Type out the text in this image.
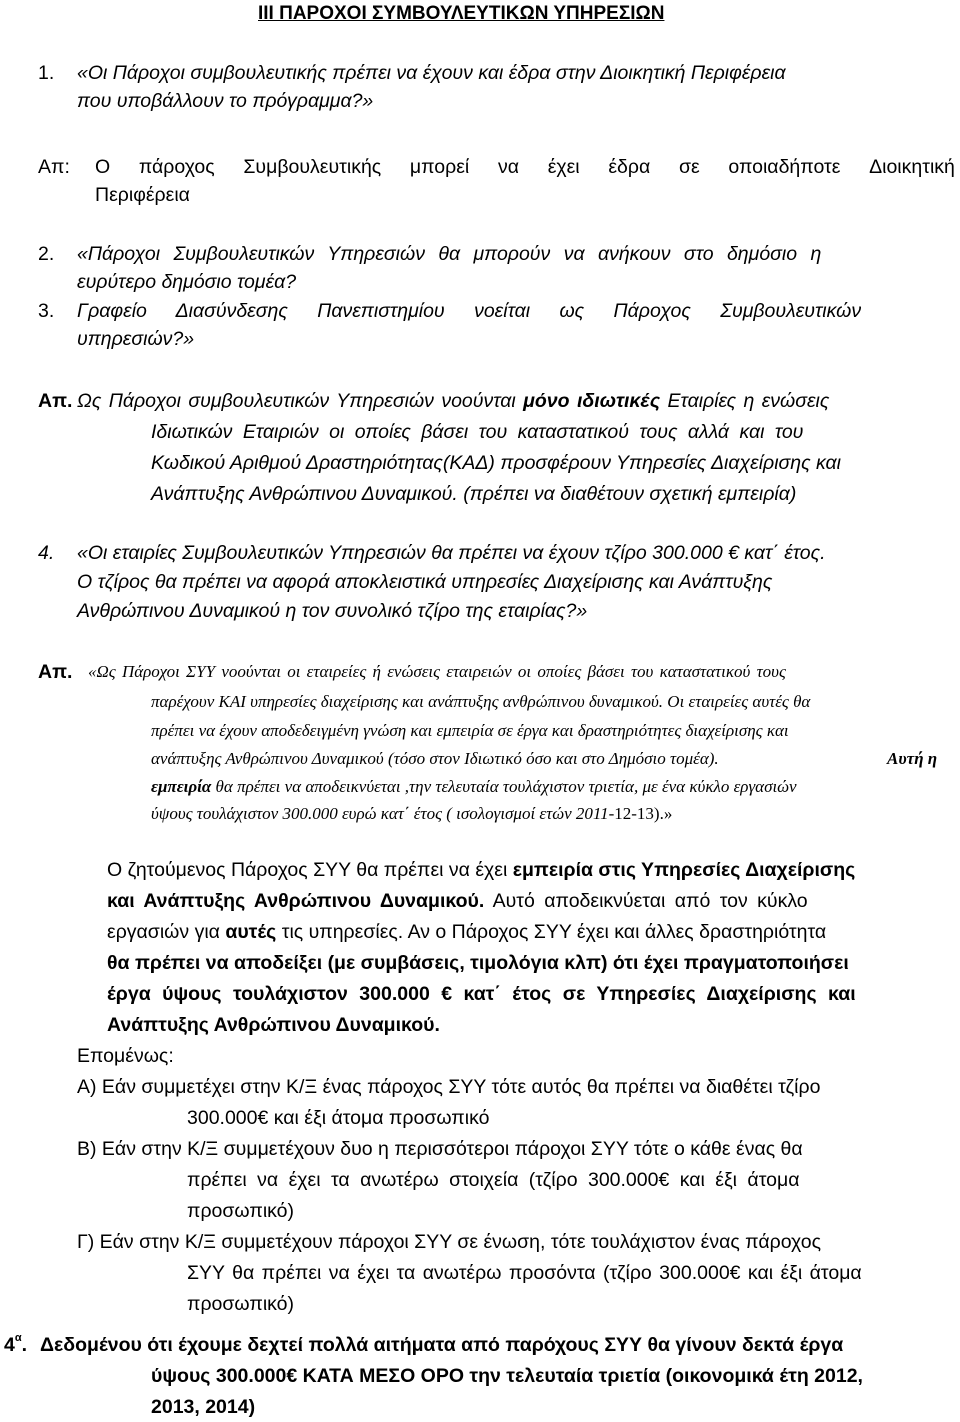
III ΠΑΡΟΧΟΙ ΣΥΜΒΟΥΛΕΥΤΙΚΩΝ ΥΠΗΡΕΣΙΩΝ
1. «Οι Πάροχοι συμβουλευτικής πρέπει να έχουν και έδρα στην Διοικητική Περιφέρεια
που υποβάλλουν το πρόγραμμα?»
Απ: Ο πάροχος Συμβουλευτικής μπορεί να έχει έδρα σε οποιαδήποτε Διοικητική
Περιφέρεια
2. «Πάροχοι Συμβουλευτικών Υπηρεσιών θα μπορούν να ανήκουν στο δημόσιο η
ευρύτερο δημόσιο τομέα?
3. Γραφείο Διασύνδεσης Πανεπιστημίου νοείται ως Πάροχος Συμβουλευτικών
υπηρεσιών?»
Απ. Ως Πάροχοι συμβουλευτικών Υπηρεσιών νοούνται μόνο ιδιωτικές Εταιρίες η ενώσεις
Ιδιωτικών Εταιριών οι οποίες βάσει του καταστατικού τους αλλά και του
Κωδικού Αριθμού Δραστηριότητας(ΚΑΔ) προσφέρουν Υπηρεσίες Διαχείρισης και
Ανάπτυξης Ανθρώπινου Δυναμικού. (πρέπει να διαθέτουν σχετική εμπειρία)
4. «Οι εταιρίες Συμβουλευτικών Υπηρεσιών θα πρέπει να έχουν τζίρο 300.000 € κατ΄ έτος.
Ο τζίρος θα πρέπει να αφορά αποκλειστικά υπηρεσίες Διαχείρισης και Ανάπτυξης
Ανθρώπινου Δυναμικού η τον συνολικό τζίρο της εταιρίας?»
Απ. «Ως Πάροχοι ΣΥΥ νοούνται οι εταιρείες ή ενώσεις εταιρειών οι οποίες βάσει του καταστατικού τους
παρέχουν ΚΑΙ υπηρεσίες διαχείρισης και ανάπτυξης ανθρώπινου δυναμικού. Οι εταιρείες αυτές θα
πρέπει να έχουν αποδεδειγμένη γνώση και εμπειρία σε έργα και δραστηριότητες διαχείρισης και
ανάπτυξης Ανθρώπινου Δυναμικού (τόσο στον Ιδιωτικό όσο και στο Δημόσιο τομέα).	Αυτή η
εμπειρία θα πρέπει να αποδεικνύεται ,την τελευταία τουλάχιστον τριετία, με ένα κύκλο εργασιών
ύψους τουλάχιστον 300.000 ευρώ κατ΄ έτος ( ισολογισμοί ετών 2011-12-13).»
Ο ζητούμενος Πάροχος ΣΥΥ θα πρέπει να έχει εμπειρία στις Υπηρεσίες Διαχείρισης
και Ανάπτυξης Ανθρώπινου Δυναμικού. Αυτό αποδεικνύεται από τον κύκλο
εργασιών για αυτές τις υπηρεσίες. Αν ο Πάροχος ΣΥΥ έχει και άλλες δραστηριότητα
θα πρέπει να αποδείξει (με συμβάσεις, τιμολόγια κλπ) ότι έχει πραγματοποιήσει
έργα ύψους τουλάχιστον 300.000 € κατ΄ έτος σε Υπηρεσίες Διαχείρισης και
Ανάπτυξης Ανθρώπινου Δυναμικού.
Επομένως:
Α) Εάν συμμετέχει στην Κ/Ξ ένας πάροχος ΣΥΥ τότε αυτός θα πρέπει να διαθέτει τζίρο
300.000€ και έξι άτομα προσωπικό
Β) Εάν στην Κ/Ξ συμμετέχουν δυο η περισσότεροι πάροχοι ΣΥΥ τότε ο κάθε ένας θα
πρέπει να έχει τα ανωτέρω στοιχεία (τζίρο 300.000€ και έξι άτομα
προσωπικό)
Γ) Εάν στην Κ/Ξ συμμετέχουν πάροχοι ΣΥΥ σε ένωση, τότε τουλάχιστον ένας πάροχος
ΣΥΥ θα πρέπει να έχει τα ανωτέρω προσόντα (τζίρο 300.000€ και έξι άτομα
προσωπικό)
$4^\alpha$. Δεδομένου ότι έχουμε δεχτεί πολλά αιτήματα από παρόχους ΣΥΥ θα γίνουν δεκτά έργα
ύψους 300.000€ ΚΑΤΑ ΜΕΣΟ ΟΡΟ την τελευταία τριετία (οικονομικά έτη 2012,
2013, 2014)
